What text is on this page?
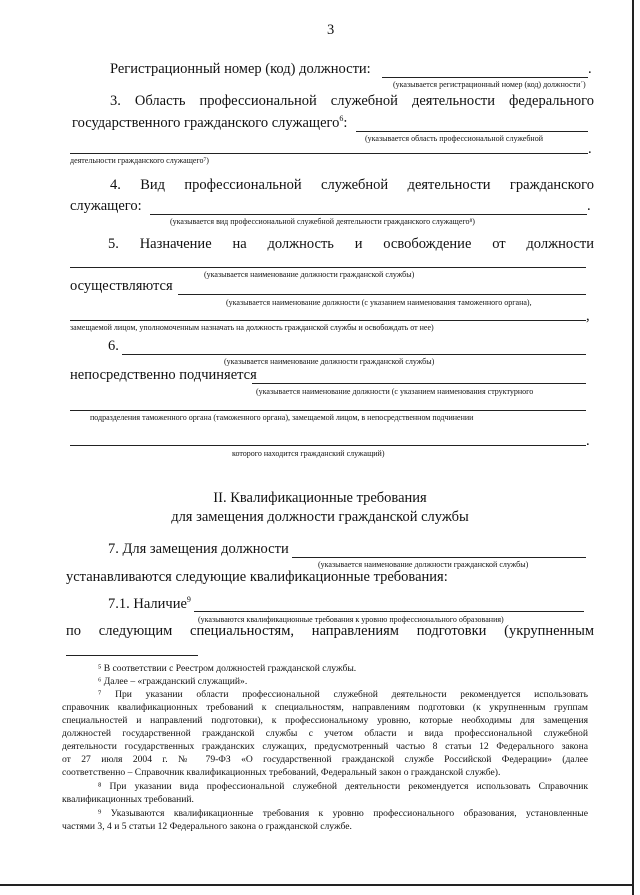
3
Регистрационный номер (код) должности:	.
(указывается регистрационный номер (код) должности´)
3. Область профессиональной служебной деятельности федерального
государственного гражданского служащего$^6$:
(указывается область профессиональной служебной
.
деятельности гражданского служащего⁷)
4. Вид профессиональной служебной деятельности гражданского
служащего:	.
(указывается вид профессиональной служебной деятельности гражданского служащего⁸)
5. Назначение на должность и освобождение от должности
(указывается наименование должности гражданской службы)
осуществляются
(указывается наименование должности (с указанием наименования таможенного органа),
,
замещаемой лицом, уполномоченным назначать на должность гражданской службы и освобождать от нее)
6.
(указывается наименование должности гражданской службы)
непосредственно подчиняется
(указывается наименование должности (с указанием наименования структурного
подразделения таможенного органа (таможенного органа), замещаемой лицом, в непосредственном подчинении
.
которого находится гражданский служащий)
II. Квалификационные требования
для замещения должности гражданской службы
7. Для замещения должности
(указывается наименование должности гражданской службы)
устанавливаются следующие квалификационные требования:
7.1. Наличие$^9$
(указываются квалификационные требования к уровню профессионального образования)
по следующим специальностям, направлениям подготовки (укрупненным
⁵ В соответствии с Реестром должностей гражданской службы.
⁶ Далее – «гражданский служащий».
⁷ При указании области профессиональной служебной деятельности рекомендуется использовать
справочник квалификационных требований к специальностям, направлениям подготовки (к укрупненным группам
специальностей и направлений подготовки), к профессиональному уровню, которые необходимы для замещения
должностей государственной гражданской службы с учетом области и вида профессиональной служебной
деятельности государственных гражданских служащих, предусмотренный частью 8 статьи 12 Федерального закона
от 27 июля 2004 г. № 79-ФЗ «О государственной гражданской службе Российской Федерации» (далее
соответственно – Справочник квалификационных требований, Федеральный закон о гражданской службе).
⁸ При указании вида профессиональной служебной деятельности рекомендуется использовать Справочник
квалификационных требований.
⁹ Указываются квалификационные требования к уровню профессионального образования, установленные
частями 3, 4 и 5 статьи 12 Федерального закона о гражданской службе.
